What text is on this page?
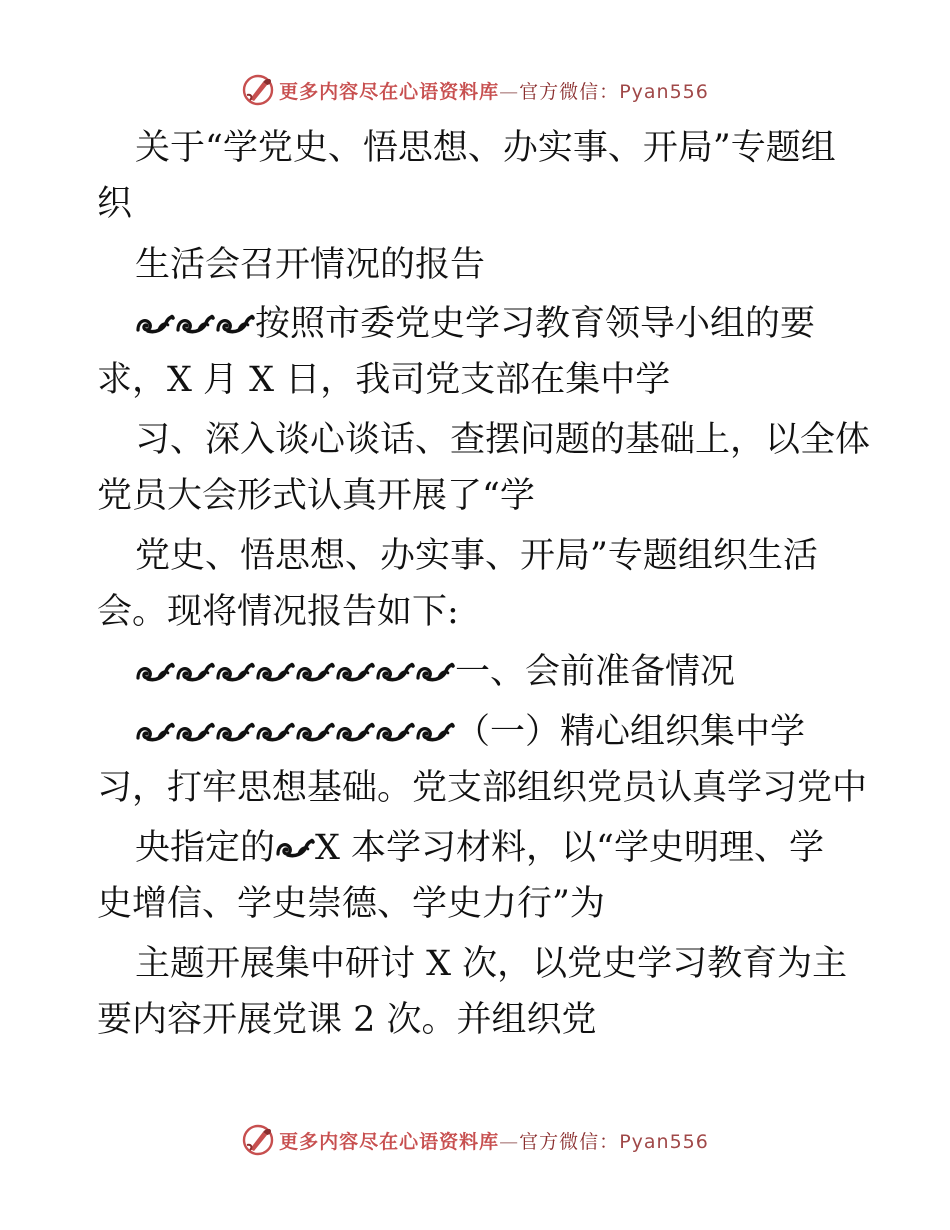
更多内容尽在心语资料库—官方微信：Pyan556
关于“学党史、悟思想、办实事、开局”专题组
织
生活会召开情况的报告
按照市委党史学习教育领导小组的要
求，X 月 X 日，我司党支部在集中学
习、深入谈心谈话、查摆问题的基础上，以全体
党员大会形式认真开展了“学
党史、悟思想、办实事、开局”专题组织生活
会。现将情况报告如下:
一、会前准备情况
（一）精心组织集中学
习，打牢思想基础。党支部组织党员认真学习党中
央指定的 X 本学习材料，以“学史明理、学
史增信、学史崇德、学史力行”为
主题开展集中研讨 X 次，以党史学习教育为主
要内容开展党课 2 次。并组织党
更多内容尽在心语资料库—官方微信：Pyan556
